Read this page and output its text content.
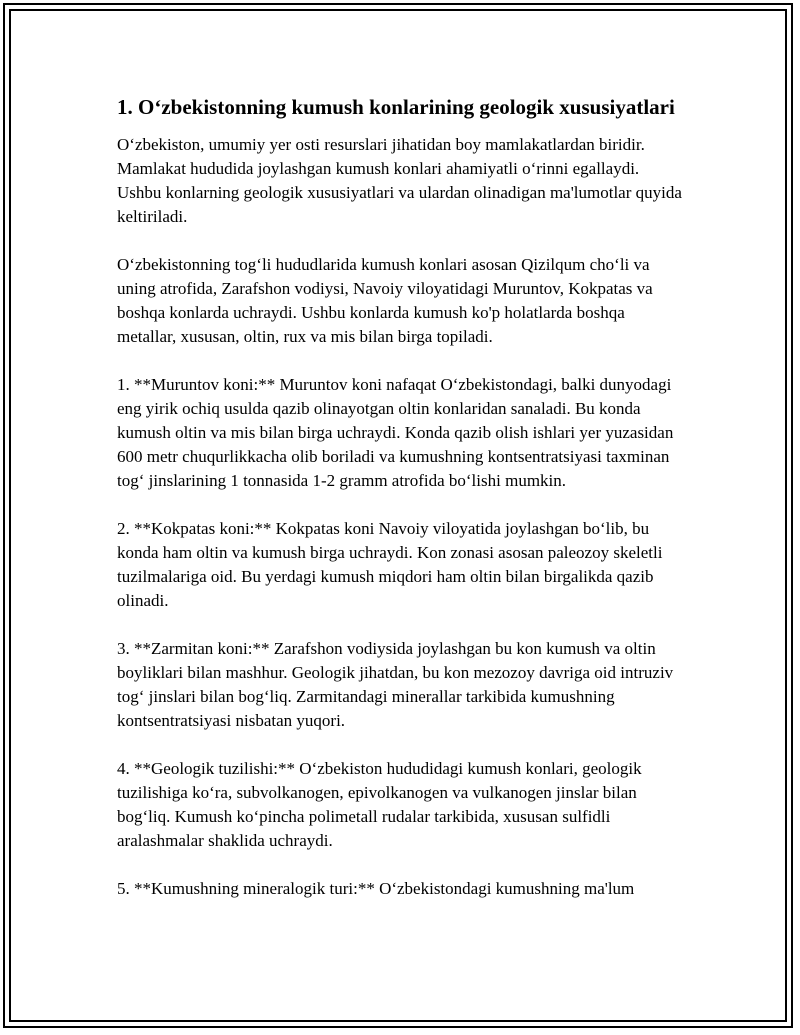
1. O‘zbekistonning kumush konlarining geologik xususiyatlari

O‘zbekiston, umumiy yer osti resurslari jihatidan boy mamlakatlardan biridir. Mamlakat hududida joylashgan kumush konlari ahamiyatli o‘rinni egallaydi. Ushbu konlarning geologik xususiyatlari va ulardan olinadigan ma'lumotlar quyida keltiriladi.

O‘zbekistonning tog‘li hududlarida kumush konlari asosan Qizilqum cho‘li va uning atrofida, Zarafshon vodiysi, Navoiy viloyatidagi Muruntov, Kokpatas va boshqa konlarda uchraydi. Ushbu konlarda kumush ko'p holatlarda boshqa metallar, xususan, oltin, rux va mis bilan birga topiladi.

1. **Muruntov koni:** Muruntov koni nafaqat O‘zbekistondagi, balki dunyodagi eng yirik ochiq usulda qazib olinayotgan oltin konlaridan sanaladi. Bu konda kumush oltin va mis bilan birga uchraydi. Konda qazib olish ishlari yer yuzasidan 600 metr chuqurlikkacha olib boriladi va kumushning kontsentratsiyasi taxminan tog‘ jinslarining 1 tonnasida 1-2 gramm atrofida bo‘lishi mumkin.

2. **Kokpatas koni:** Kokpatas koni Navoiy viloyatida joylashgan bo‘lib, bu konda ham oltin va kumush birga uchraydi. Kon zonasi asosan paleozoy skeletli tuzilmalariga oid. Bu yerdagi kumush miqdori ham oltin bilan birgalikda qazib olinadi.

3. **Zarmitan koni:** Zarafshon vodiysida joylashgan bu kon kumush va oltin boyliklari bilan mashhur. Geologik jihatdan, bu kon mezozoy davriga oid intruziv tog‘ jinslari bilan bog‘liq. Zarmitandagi minerallar tarkibida kumushning kontsentratsiyasi nisbatan yuqori.

4. **Geologik tuzilishi:** O‘zbekiston hududidagi kumush konlari, geologik tuzilishiga ko‘ra, subvolkanogen, epivolkanogen va vulkanogen jinslar bilan bog‘liq. Kumush ko‘pincha polimetall rudalar tarkibida, xususan sulfidli aralashmalar shaklida uchraydi.

5. **Kumushning mineralogik turi:** O‘zbekistondagi kumushning ma'lum
